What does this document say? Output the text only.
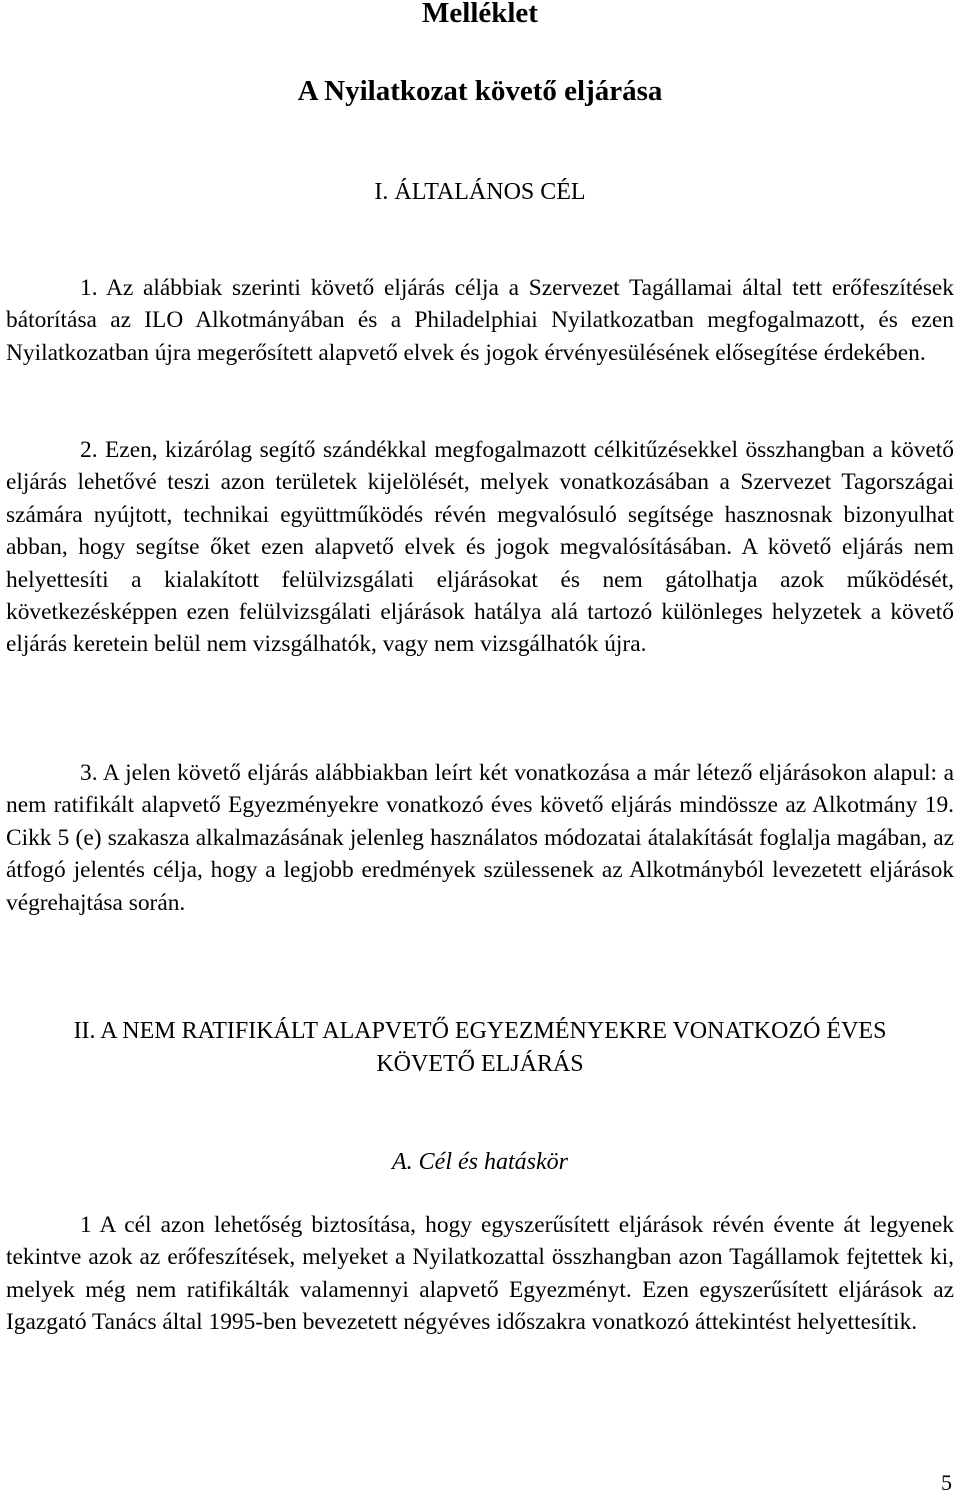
Melléklet
A Nyilatkozat követő eljárása
I. ÁLTALÁNOS CÉL

1. Az alábbiak szerinti követő eljárás célja a Szervezet Tagállamai által tett erőfeszítések bátorítása az ILO Alkotmányában és a Philadelphiai Nyilatkozatban megfogalmazott, és ezen Nyilatkozatban újra megerősített alapvető elvek és jogok érvényesülésének elősegítése érdekében.

2. Ezen, kizárólag segítő szándékkal megfogalmazott célkitűzésekkel összhangban a követő eljárás lehetővé teszi azon területek kijelölését, melyek vonatkozásában a Szervezet Tagországai számára nyújtott, technikai együttműködés révén megvalósuló segítsége hasznosnak bizonyulhat abban, hogy segítse őket ezen alapvető elvek és jogok megvalósításában. A követő eljárás nem helyettesíti a kialakított felülvizsgálati eljárásokat és nem gátolhatja azok működését, következésképpen ezen felülvizsgálati eljárások hatálya alá tartozó különleges helyzetek a követő eljárás keretein belül nem vizsgálhatók, vagy nem vizsgálhatók újra.

3. A jelen követő eljárás alábbiakban leírt két vonatkozása a már létező eljárásokon alapul: a nem ratifikált alapvető Egyezményekre vonatkozó éves követő eljárás mindössze az Alkotmány 19. Cikk 5 (e) szakasza alkalmazásának jelenleg használatos módozatai átalakítását foglalja magában, az átfogó jelentés célja, hogy a legjobb eredmények szülessenek az Alkotmányból levezetett eljárások végrehajtása során.

II. A NEM RATIFIKÁLT ALAPVETŐ EGYEZMÉNYEKRE VONATKOZÓ ÉVES
KÖVETŐ ELJÁRÁS
A. Cél és hatáskör

1 A cél azon lehetőség biztosítása, hogy egyszerűsített eljárások révén évente át legyenek tekintve azok az erőfeszítések, melyeket a Nyilatkozattal összhangban azon Tagállamok fejtettek ki, melyek még nem ratifikálták valamennyi alapvető Egyezményt. Ezen egyszerűsített eljárások az Igazgató Tanács által 1995-ben bevezetett négyéves időszakra vonatkozó áttekintést helyettesítik.

5
